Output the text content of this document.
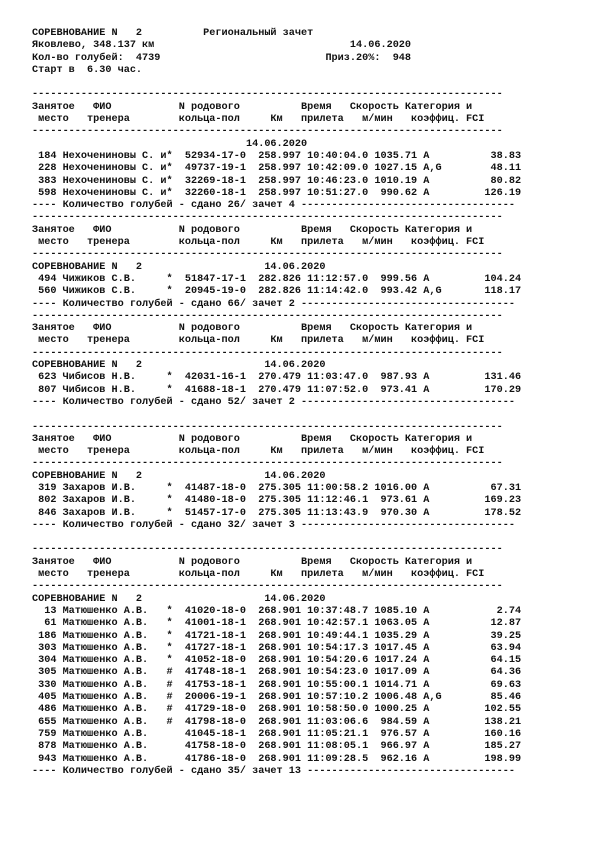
СОРЕВНОВАНИЕ N   2          Региональный зачет
Яковлево, 348.137 км                                14.06.2020
Кол-во голубей:  4739                           Приз.20%:  948
Старт в  6.30 час.
-----------------------------------------------------------------------------
Занятое   ФИО           N родового          Время   Скорость Категория и
место   тренера        кольца-пол     Км   прилета   м/мин   коэффиц. FCI
-----------------------------------------------------------------------------
14.06.2020
184 Нехочениновы С. и*  52934-17-0  258.997 10:40:04.0 1035.71 A          38.83
228 Нехочениновы С. и*  49737-19-1  258.997 10:42:09.0 1027.15 A,G        48.11
383 Нехочениновы С. и*  32269-18-1  258.997 10:46:23.0 1010.19 A          80.82
598 Нехочениновы С. и*  32260-18-1  258.997 10:51:27.0  990.62 A         126.19
---- Количество голубей - сдано 26/ зачет 4 -----------------------------------
-----------------------------------------------------------------------------
Занятое   ФИО           N родового          Время   Скорость Категория и
место   тренера        кольца-пол     Км   прилета   м/мин   коэффиц. FCI
-----------------------------------------------------------------------------
СОРЕВНОВАНИЕ N   2                    14.06.2020
494 Чижиков С.В.     *  51847-17-1  282.826 11:12:57.0  999.56 A         104.24
560 Чижиков С.В.     *  20945-19-0  282.826 11:14:42.0  993.42 A,G       118.17
---- Количество голубей - сдано 66/ зачет 2 -----------------------------------
-----------------------------------------------------------------------------
Занятое   ФИО           N родового          Время   Скорость Категория и
место   тренера        кольца-пол     Км   прилета   м/мин   коэффиц. FCI
-----------------------------------------------------------------------------
СОРЕВНОВАНИЕ N   2                    14.06.2020
623 Чибисов Н.В.     *  42031-16-1  270.479 11:03:47.0  987.93 A         131.46
807 Чибисов Н.В.     *  41688-18-1  270.479 11:07:52.0  973.41 A         170.29
---- Количество голубей - сдано 52/ зачет 2 -----------------------------------
-----------------------------------------------------------------------------
Занятое   ФИО           N родового          Время   Скорость Категория и
место   тренера        кольца-пол     Км   прилета   м/мин   коэффиц. FCI
-----------------------------------------------------------------------------
СОРЕВНОВАНИЕ N   2                    14.06.2020
319 Захаров И.В.     *  41487-18-0  275.305 11:00:58.2 1016.00 A          67.31
802 Захаров И.В.     *  41480-18-0  275.305 11:12:46.1  973.61 A         169.23
846 Захаров И.В.     *  51457-17-0  275.305 11:13:43.9  970.30 A         178.52
---- Количество голубей - сдано 32/ зачет 3 -----------------------------------
-----------------------------------------------------------------------------
Занятое   ФИО           N родового          Время   Скорость Категория и
место   тренера        кольца-пол     Км   прилета   м/мин   коэффиц. FCI
-----------------------------------------------------------------------------
СОРЕВНОВАНИЕ N   2                    14.06.2020
13 Матюшенко А.В.   *  41020-18-0  268.901 10:37:48.7 1085.10 A           2.74
61 Матюшенко А.В.   *  41001-18-1  268.901 10:42:57.1 1063.05 A          12.87
186 Матюшенко А.В.   *  41721-18-1  268.901 10:49:44.1 1035.29 A          39.25
303 Матюшенко А.В.   *  41727-18-1  268.901 10:54:17.3 1017.45 A          63.94
304 Матюшенко А.В.   *  41052-18-0  268.901 10:54:20.6 1017.24 A          64.15
305 Матюшенко А.В.   #  41748-18-1  268.901 10:54:23.0 1017.09 A          64.36
330 Матюшенко А.В.   #  41753-18-1  268.901 10:55:00.1 1014.71 A          69.63
405 Матюшенко А.В.   #  20006-19-1  268.901 10:57:10.2 1006.48 A,G        85.46
486 Матюшенко А.В.   #  41729-18-0  268.901 10:58:50.0 1000.25 A         102.55
655 Матюшенко А.В.   #  41798-18-0  268.901 11:03:06.6  984.59 A         138.21
759 Матюшенко А.В.      41045-18-1  268.901 11:05:21.1  976.57 A         160.16
878 Матюшенко А.В.      41758-18-0  268.901 11:08:05.1  966.97 A         185.27
943 Матюшенко А.В.      41786-18-0  268.901 11:09:28.5  962.16 A         198.99
---- Количество голубей - сдано 35/ зачет 13 ----------------------------------
